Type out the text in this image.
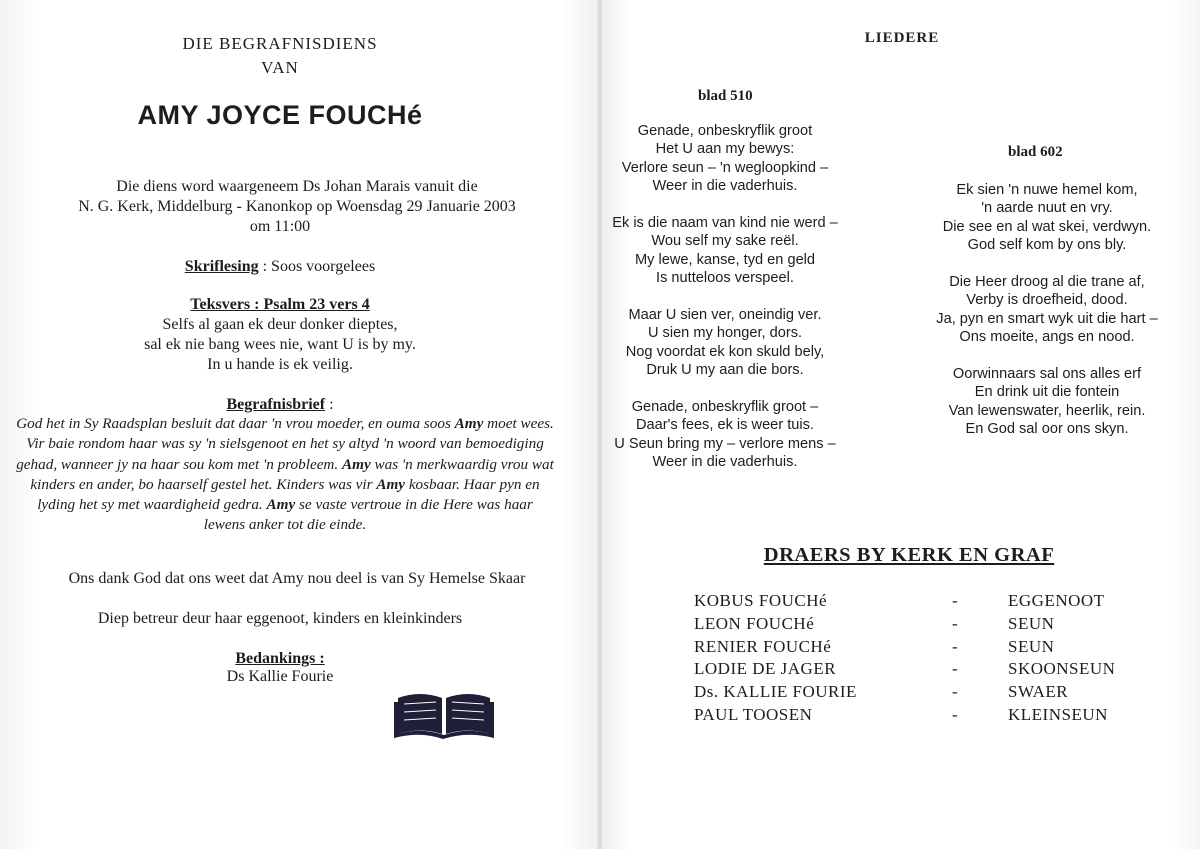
DIE BEGRAFNISDIENS
VAN
AMY JOYCE FOUCHé
Die diens word waargeneem Ds Johan Marais vanuit die
N. G. Kerk, Middelburg - Kanonkop op Woensdag 29 Januarie 2003
om 11:00
Skriflesing : Soos voorgelees
Teksvers : Psalm 23 vers 4
Selfs al gaan ek deur donker dieptes,
sal ek nie bang wees nie, want U is by my.
In u hande is ek veilig.
Begrafnisbrief :
God het in Sy Raadsplan besluit dat daar 'n vrou moeder, en ouma soos Amy moet wees. Vir baie rondom haar was sy 'n sielsgenoot en het sy altyd 'n woord van bemoediging gehad, wanneer jy na haar sou kom met 'n probleem. Amy was 'n merkwaardig vrou wat kinders en ander, bo haarself gestel het. Kinders was vir Amy kosbaar. Haar pyn en lyding het sy met waardigheid gedra. Amy se vaste vertroue in die Here was haar lewens anker tot die einde.
Ons dank God dat ons weet dat Amy nou deel is van Sy Hemelse Skaar
Diep betreur deur haar eggenoot, kinders en kleinkinders
Bedankings :
Ds Kallie Fourie
LIEDERE
blad 510
Genade, onbeskryflik groot
Het U aan my bewys:
Verlore seun – 'n wegloopkind –
Weer in die vaderhuis.
Ek is die naam van kind nie werd –
Wou self my sake reël.
My lewe, kanse, tyd en geld
Is nutteloos verspeel.
Maar U sien ver, oneindig ver.
U sien my honger, dors.
Nog voordat ek kon skuld bely,
Druk U my aan die bors.
Genade, onbeskryflik groot –
Daar's fees, ek is weer tuis.
U Seun bring my – verlore mens –
Weer in die vaderhuis.
blad 602
Ek sien 'n nuwe hemel kom,
'n aarde nuut en vry.
Die see en al wat skei, verdwyn.
God self kom by ons bly.
Die Heer droog al die trane af,
Verby is droefheid, dood.
Ja, pyn en smart wyk uit die hart –
Ons moeite, angs en nood.
Oorwinnaars sal ons alles erf
En drink uit die fontein
Van lewenswater, heerlik, rein.
En God sal oor ons skyn.
DRAERS BY KERK EN GRAF
KOBUS FOUCHé	-	EGGENOOT
LEON FOUCHé	-	SEUN
RENIER FOUCHé	-	SEUN
LODIE DE JAGER	-	SKOONSEUN
Ds. KALLIE FOURIE	-	SWAER
PAUL TOOSEN	-	KLEINSEUN
